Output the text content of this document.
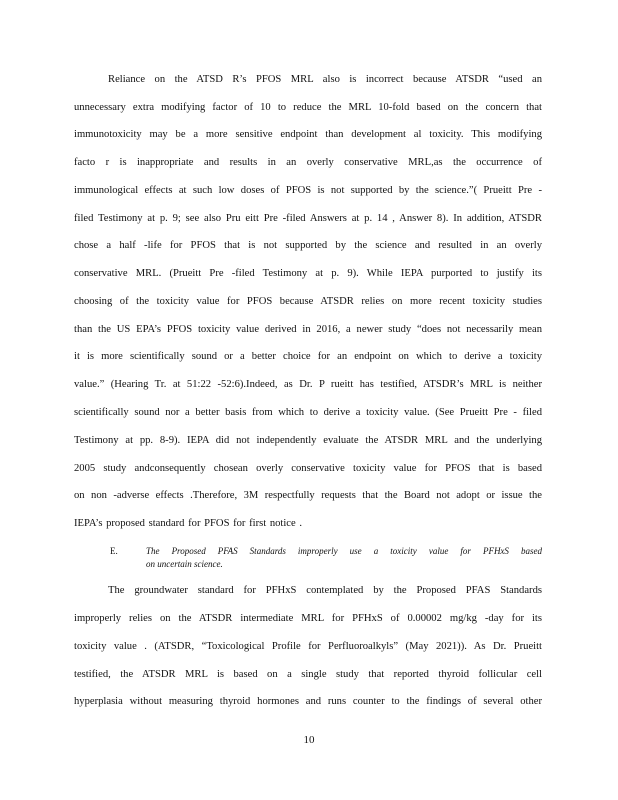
Reliance on the ATSD R’s PFOS MRL also is incorrect because ATSDR “used an
unnecessary extra modifying factor of 10 to reduce the MRL 10-fold based on the concern that
immunotoxicity may be a more sensitive endpoint than development al toxicity. This modifying
facto r is inappropriate and results in an overly conservative MRL,as the occurrence of
immunological effects at such low doses of PFOS is not supported by the science.”( Prueitt Pre -
filed Testimony at p. 9; see also Pru eitt Pre -filed Answers at p. 14 , Answer 8). In addition, ATSDR
chose a half -life for PFOS that is not supported by the science and resulted in an overly
conservative MRL. (Prueitt Pre -filed Testimony at p. 9). While IEPA purported to justify its
choosing of the toxicity value for PFOS because ATSDR relies on more recent toxicity studies
than the US EPA’s PFOS toxicity value derived in 2016, a newer study “does not necessarily mean
it is more scientifically sound or a better choice for an endpoint on which to derive a toxicity
value.” (Hearing Tr. at 51:22 -52:6).Indeed, as Dr. P rueitt has testified, ATSDR’s MRL is neither
scientifically sound nor a better basis from which to derive a toxicity value. (See Prueitt Pre - filed
Testimony at pp. 8-9). IEPA did not independently evaluate the ATSDR MRL and the underlying
2005 study andconsequently chosean overly conservative toxicity value for PFOS that is based
on non -adverse effects .Therefore, 3M respectfully requests that the Board not adopt or issue the
IEPA’s proposed standard for PFOS for first notice .
E.	The Proposed PFAS Standards improperly use a toxicity value for PFHxS based
on uncertain science.
The groundwater standard for PFHxS contemplated by the Proposed PFAS Standards
improperly relies on the ATSDR intermediate MRL for PFHxS of 0.00002 mg/kg -day for its
toxicity value . (ATSDR, “Toxicological Profile for Perfluoroalkyls” (May 2021)). As Dr. Prueitt
testified, the ATSDR MRL is based on a single study that reported thyroid follicular cell
hyperplasia without measuring thyroid hormones and runs counter to the findings of several other
10
